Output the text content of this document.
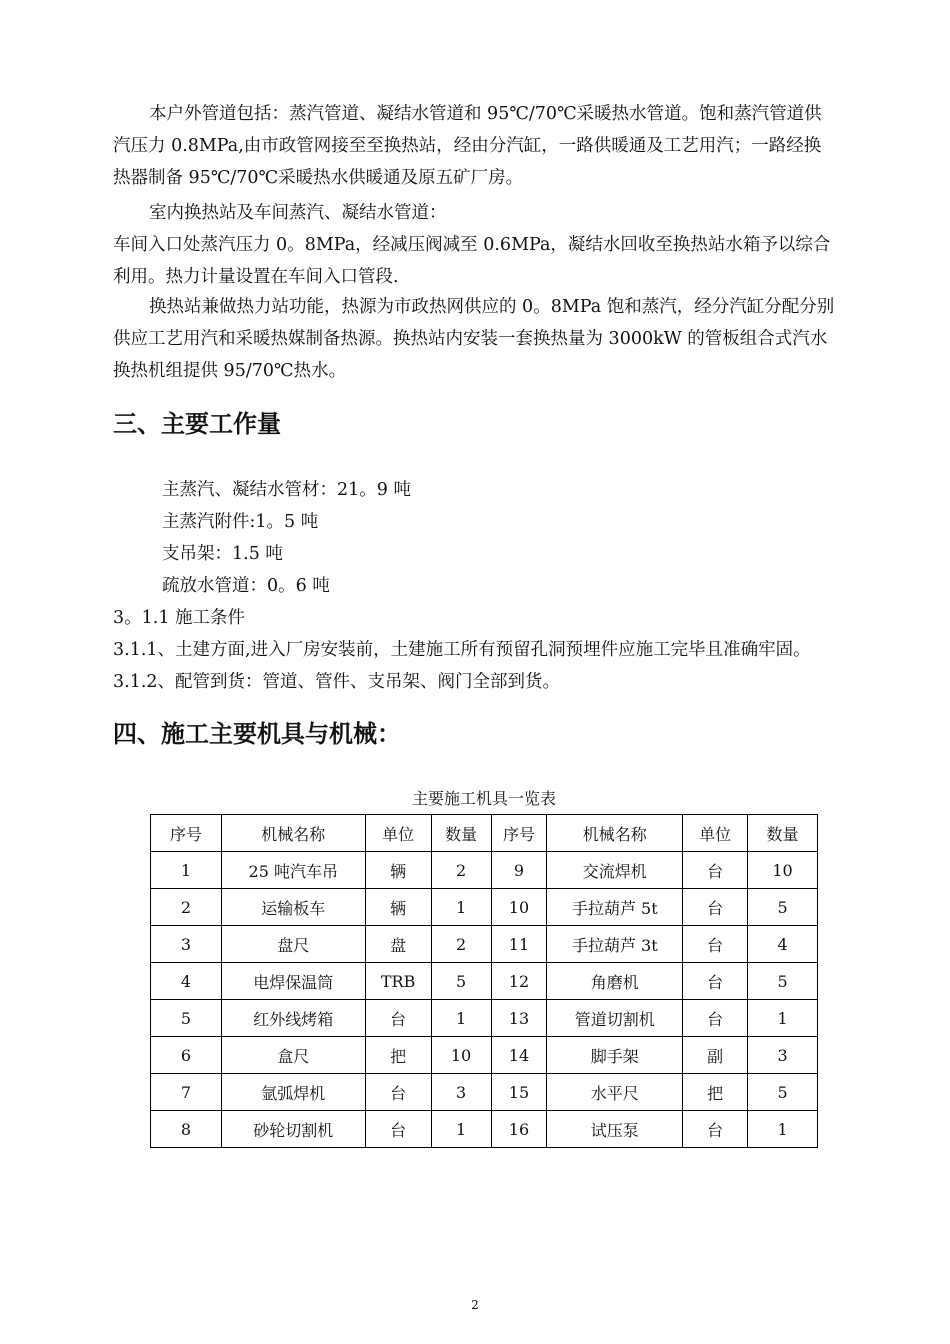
本户外管道包括：蒸汽管道、凝结水管道和 95℃/70℃采暖热水管道。饱和蒸汽管道供汽压力 0.8MPa,由市政管网接至至换热站，经由分汽缸，一路供暖通及工艺用汽；一路经换热器制备 95℃/70℃采暖热水供暖通及原五矿厂房。

室内换热站及车间蒸汽、凝结水管道：

车间入口处蒸汽压力 0。8MPa，经减压阀减至 0.6MPa，凝结水回收至换热站水箱予以综合利用。热力计量设置在车间入口管段.

换热站兼做热力站功能，热源为市政热网供应的 0。8MPa 饱和蒸汽，经分汽缸分配分别供应工艺用汽和采暖热媒制备热源。换热站内安装一套换热量为 3000kW 的管板组合式汽水换热机组提供 95/70℃热水。

三、主要工作量
主蒸汽、凝结水管材：21。9 吨
主蒸汽附件:1。5 吨
支吊架：1.5 吨
疏放水管道：0。6 吨
3。1.1 施工条件
3.1.1、土建方面,进入厂房安装前，土建施工所有预留孔洞预埋件应施工完毕且准确牢固。
3.1.2、配管到货：管道、管件、支吊架、阀门全部到货。
四、施工主要机具与机械：
主要施工机具一览表
序号	机械名称	单位	数量	序号	机械名称	单位	数量
1	25 吨汽车吊	辆	2	9	交流焊机	台	10
2	运输板车	辆	1	10	手拉葫芦 5t	台	5
3	盘尺	盘	2	11	手拉葫芦 3t	台	4
4	电焊保温筒	TRB	5	12	角磨机	台	5
5	红外线烤箱	台	1	13	管道切割机	台	1
6	盒尺	把	10	14	脚手架	副	3
7	氩弧焊机	台	3	15	水平尺	把	5
8	砂轮切割机	台	1	16	试压泵	台	1
2
